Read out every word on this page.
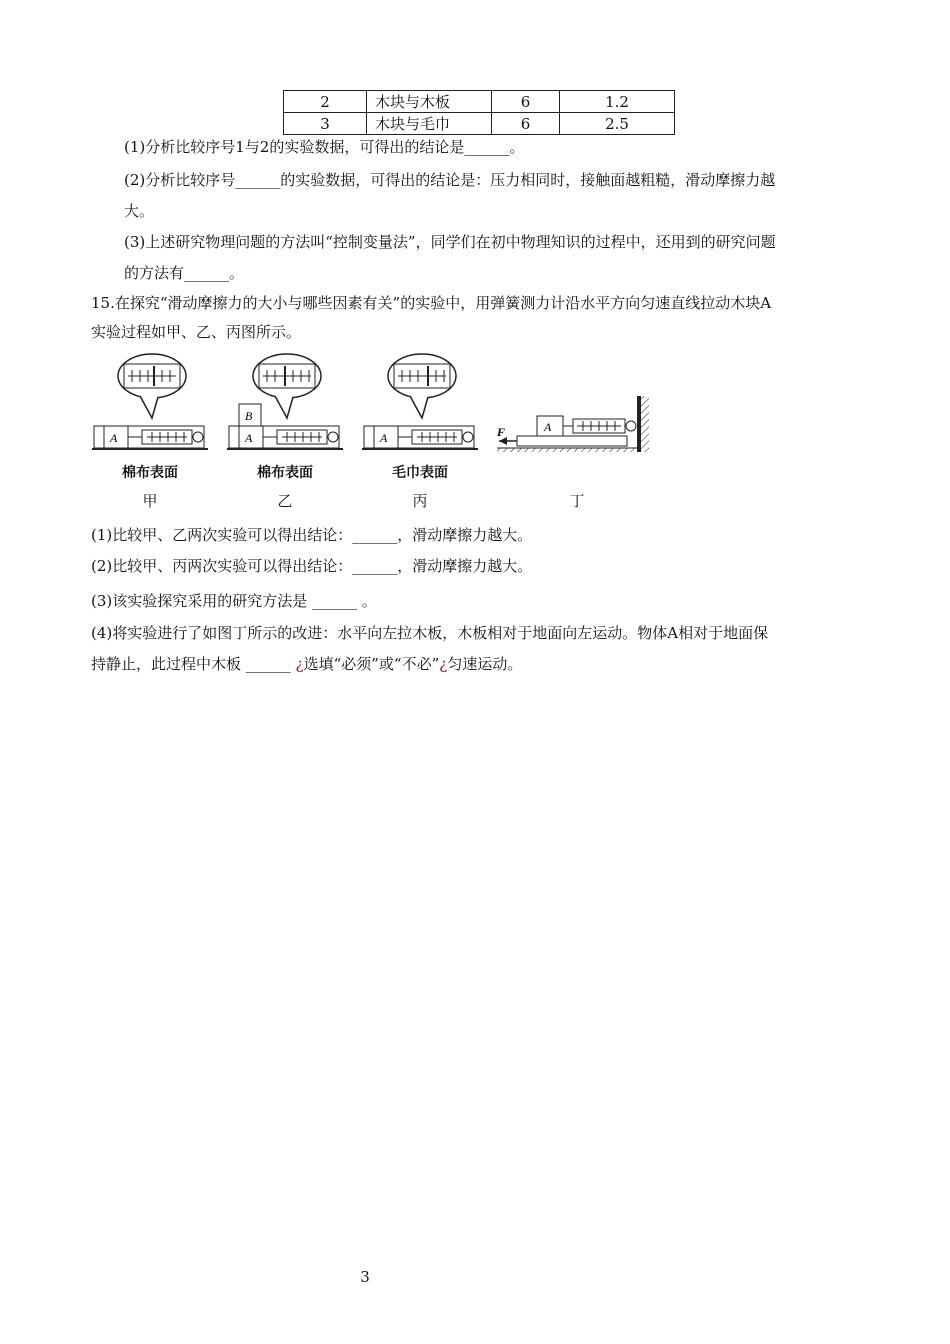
2	木块与木板	6	1.2
3	木块与毛巾	6	2.5
(1)分析比较序号1与2的实验数据，可得出的结论是______。
(2)分析比较序号______的实验数据，可得出的结论是：压力相同时，接触面越粗糙，滑动摩擦力越
大。
(3)上述研究物理问题的方法叫“控制变量法”，同学们在初中物理知识的过程中，还用到的研究问题
的方法有______。
15.在探究“滑动摩擦力的大小与哪些因素有关”的实验中，用弹簧测力计沿水平方向匀速直线拉动木块A
实验过程如甲、乙、丙图所示。
A
B
A	A
A
F
棉布表面	棉布表面	毛巾表面
甲	乙	丙	丁
(1)比较甲、乙两次实验可以得出结论：______，滑动摩擦力越大。
(2)比较甲、丙两次实验可以得出结论：______，滑动摩擦力越大。
(3)该实验探究采用的研究方法是 ______ 。
(4)将实验进行了如图丁所示的改进：水平向左拉木板，木板相对于地面向左运动。物体A相对于地面保
持静止，此过程中木板 ______ ¿选填“必须”或“不必”¿匀速运动。
3
